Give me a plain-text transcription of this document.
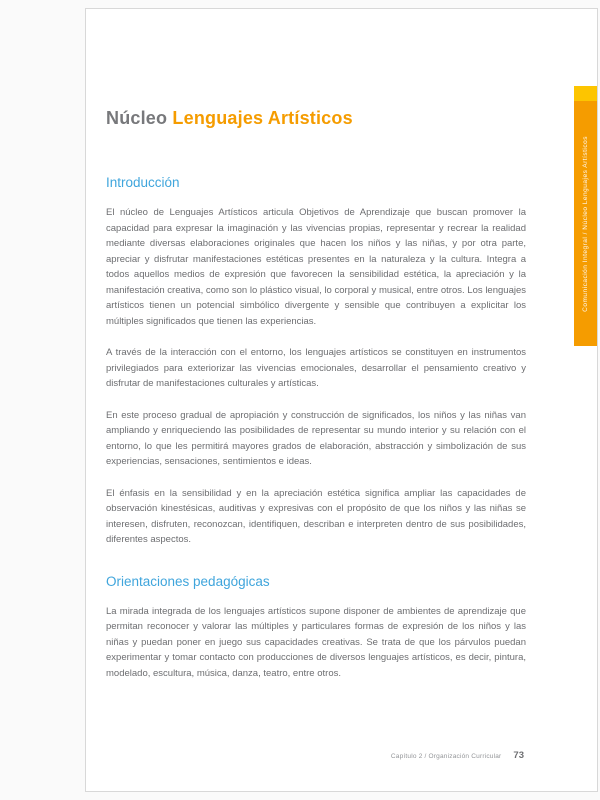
Comunicación Integral / Núcleo Lenguajes Artísticos
Núcleo Lenguajes Artísticos
Introducción

El núcleo de Lenguajes Artísticos articula Objetivos de Aprendizaje que buscan promover la capacidad para expresar la imaginación y las vivencias propias, representar y recrear la realidad mediante diversas elaboraciones originales que hacen los niños y las niñas, y por otra parte, apreciar y disfrutar manifestaciones estéticas presentes en la naturaleza y la cultura. Integra a todos aquellos medios de expresión que favorecen la sensibilidad estética, la apreciación y la manifestación creativa, como son lo plástico visual, lo corporal y musical, entre otros. Los lenguajes artísticos tienen un potencial simbólico divergente y sensible que contribuyen a explicitar los múltiples significados que tienen las experiencias.

A través de la interacción con el entorno, los lenguajes artísticos se constituyen en instrumentos privilegiados para exteriorizar las vivencias emocionales, desarrollar el pensamiento creativo y disfrutar de manifestaciones culturales y artísticas.

En este proceso gradual de apropiación y construcción de significados, los niños y las niñas van ampliando y enriqueciendo las posibilidades de representar su mundo interior y su relación con el entorno, lo que les permitirá mayores grados de elaboración, abstracción y simbolización de sus experiencias, sensaciones, sentimientos e ideas.

El énfasis en la sensibilidad y en la apreciación estética significa ampliar las capacidades de observación kinestésicas, auditivas y expresivas con el propósito de que los niños y las niñas se interesen, disfruten, reconozcan, identifiquen, describan e interpreten dentro de sus posibilidades, diferentes aspectos.

Orientaciones pedagógicas

La mirada integrada de los lenguajes artísticos supone disponer de ambientes de aprendizaje que permitan reconocer y valorar las múltiples y particulares formas de expresión de los niños y las niñas y puedan poner en juego sus capacidades creativas. Se trata de que los párvulos puedan experimentar y tomar contacto con producciones de diversos lenguajes artísticos, es decir, pintura, modelado, escultura, música, danza, teatro, entre otros.

Capítulo 2 / Organización Curricular 73
